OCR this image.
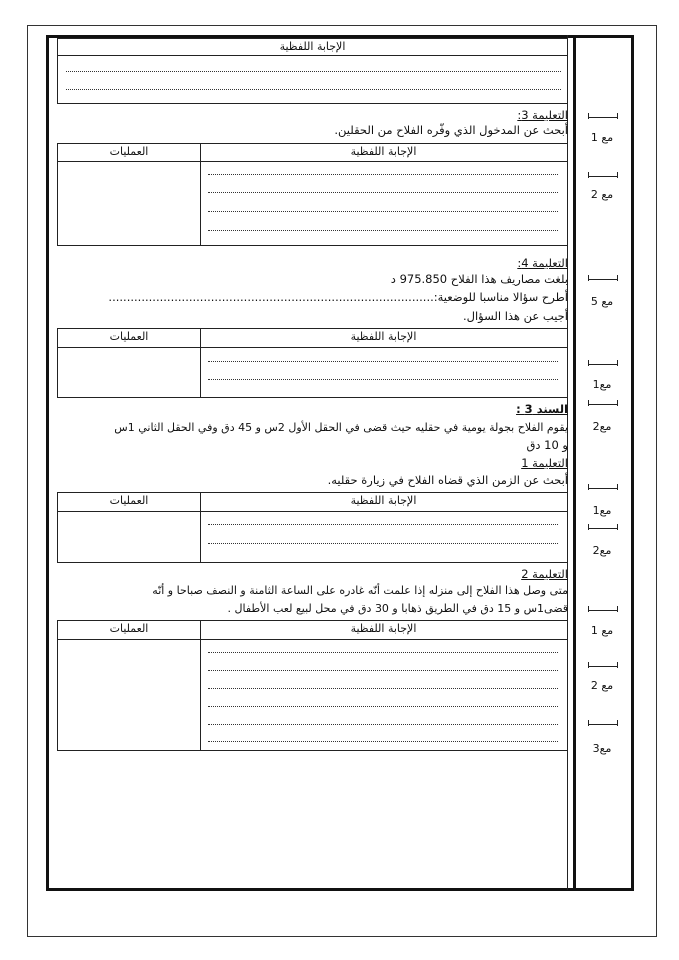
الإجابة اللفظية
التعليمة 3:
أبحث عن المدخول الذي وفّره الفلاح من الحقلين.
الإجابة اللفظية
العمليات
التعليمة 4:
بلغت مصاريف هذا الفلاح 975.850 د
أطرح سؤالا مناسبا للوضعية:.........................................................................................
أجيب عن هذا السؤال.
الإجابة اللفظية
العمليات
السند 3 :
يقوم الفلاح بجولة يومية في حقليه حيث قضى في الحقل الأول 2س و 45 دق وفي الحقل الثاني 1س
و 10 دق
التعليمة 1
أبحث عن الزمن الذي قضاه الفلاح في زيارة حقليه.
الإجابة اللفظية
العمليات
التعليمة 2
متى وصل هذا الفلاح إلى منزله إذا علمت أنّه غادره على الساعة الثامنة و النصف صباحا و أنّه
قضى1س و 15 دق في الطريق ذهابا و 30 دق في محل لبيع لعب الأطفال .
الإجابة اللفظية
العمليات
مع 1
مع 2
مع 5
مع1
مع2
مع1
مع2
مع 1
مع 2
مع3
